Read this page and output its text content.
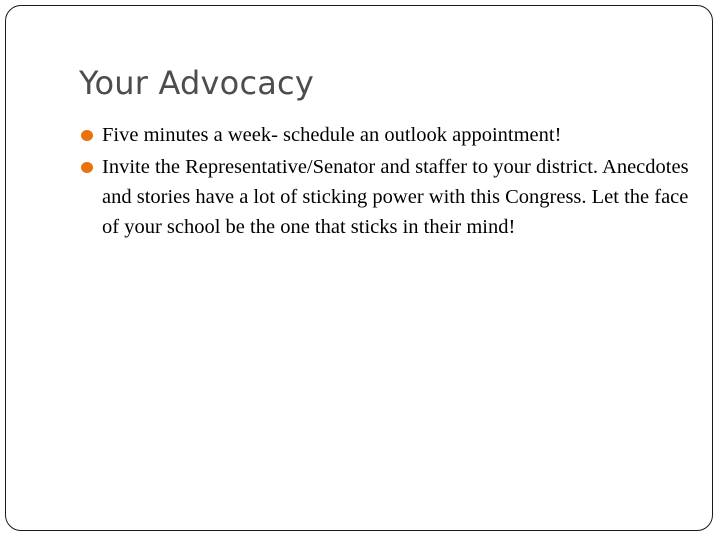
Your Advocacy
Five minutes a week- schedule an outlook appointment!
Invite the Representative/Senator and staffer to your district. Anecdotes and stories have a lot of sticking power with this Congress. Let the face of your school be the one that sticks in their mind!
